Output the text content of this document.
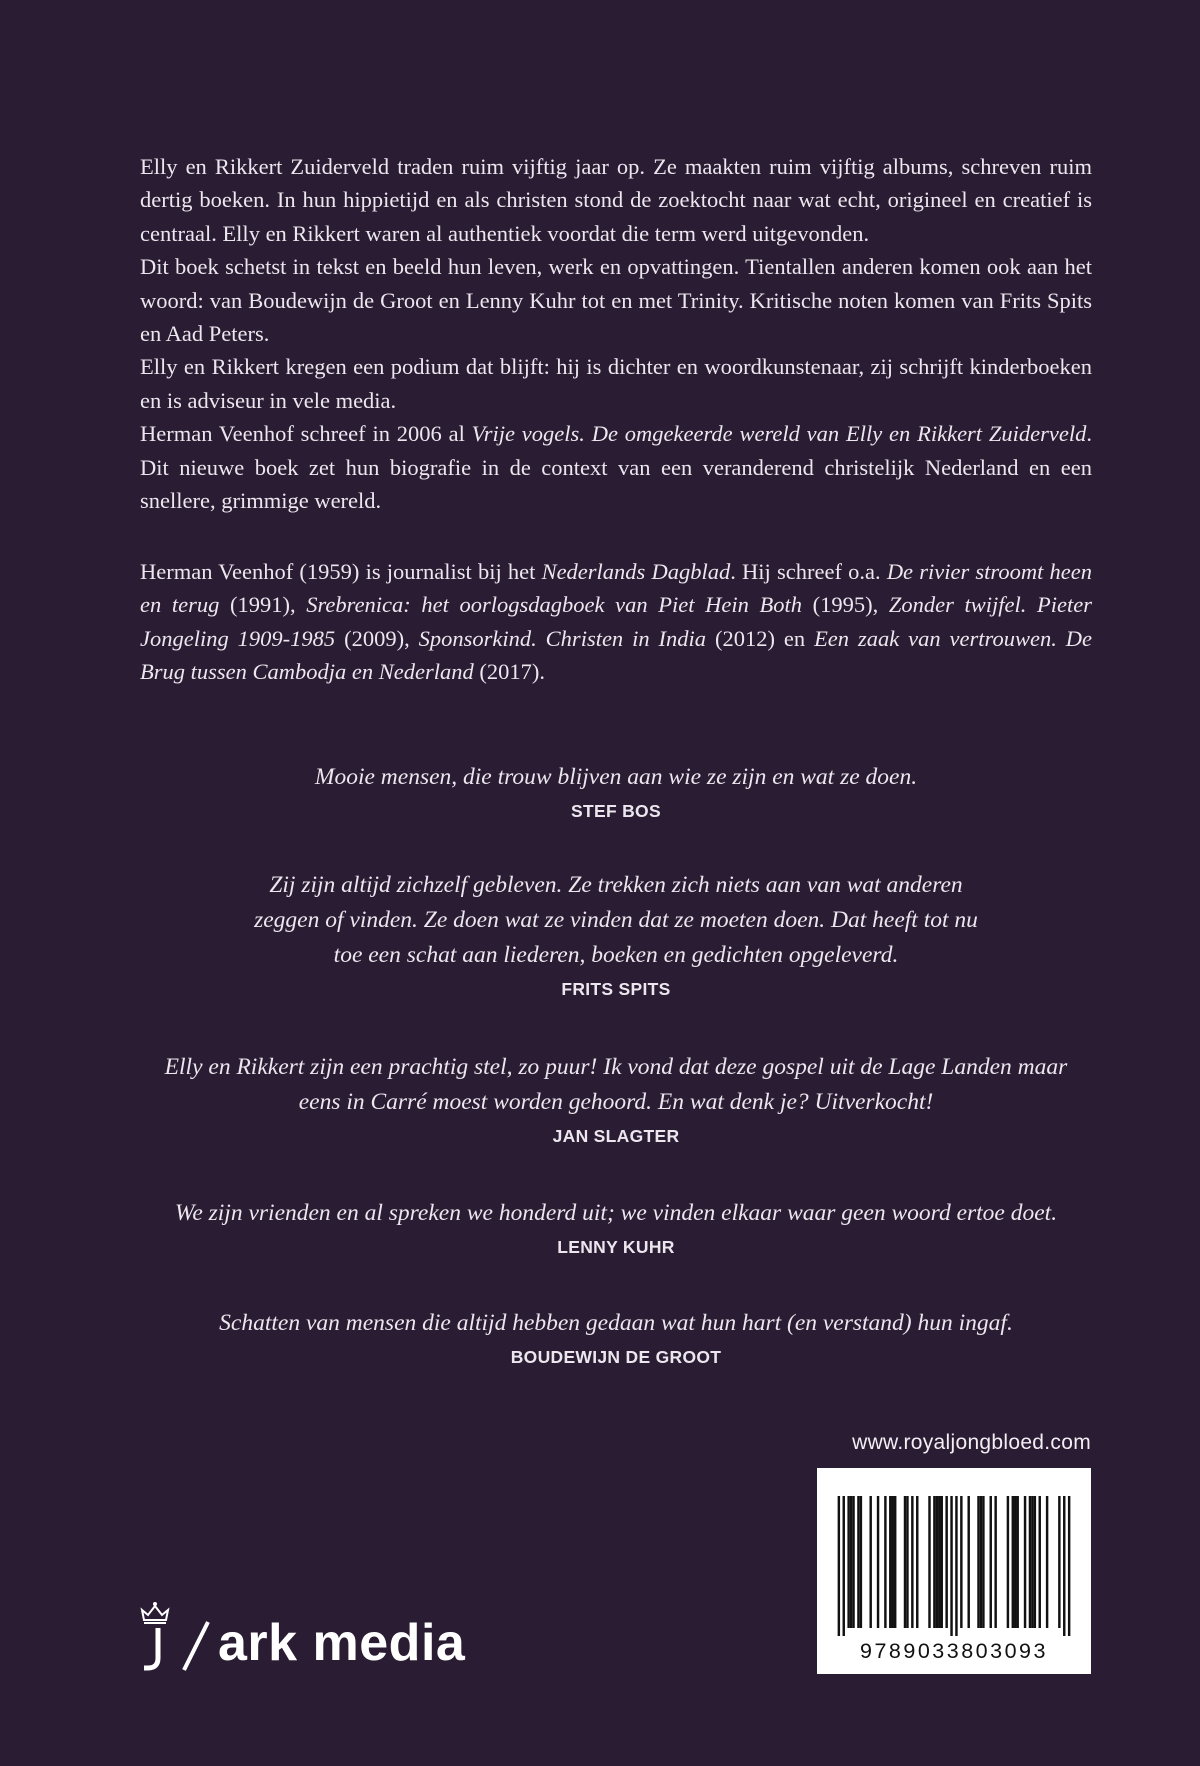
Elly en Rikkert Zuiderveld traden ruim vijftig jaar op. Ze maakten ruim vijftig albums, schreven ruim dertig boeken. In hun hippietijd en als christen stond de zoektocht naar wat echt, origineel en creatief is centraal. Elly en Rikkert waren al authentiek voordat die term werd uitgevonden.

Dit boek schetst in tekst en beeld hun leven, werk en opvattingen. Tientallen anderen komen ook aan het woord: van Boudewijn de Groot en Lenny Kuhr tot en met Trinity. Kritische noten komen van Frits Spits en Aad Peters.

Elly en Rikkert kregen een podium dat blijft: hij is dichter en woordkunstenaar, zij schrijft kinderboeken en is adviseur in vele media.

Herman Veenhof schreef in 2006 al Vrije vogels. De omgekeerde wereld van Elly en Rikkert Zuiderveld. Dit nieuwe boek zet hun biografie in de context van een veranderend christelijk Nederland en een snellere, grimmige wereld.

Herman Veenhof (1959) is journalist bij het Nederlands Dagblad. Hij schreef o.a. De rivier stroomt heen en terug (1991), Srebrenica: het oorlogsdagboek van Piet Hein Both (1995), Zonder twijfel. Pieter Jongeling 1909-1985 (2009), Sponsorkind. Christen in India (2012) en Een zaak van vertrouwen. De Brug tussen Cambodja en Nederland (2017).

Mooie mensen, die trouw blijven aan wie ze zijn en wat ze doen.

STEF BOS

Zij zijn altijd zichzelf gebleven. Ze trekken zich niets aan van wat anderen zeggen of vinden. Ze doen wat ze vinden dat ze moeten doen. Dat heeft tot nu toe een schat aan liederen, boeken en gedichten opgeleverd.

FRITS SPITS

Elly en Rikkert zijn een prachtig stel, zo puur! Ik vond dat deze gospel uit de Lage Landen maar eens in Carré moest worden gehoord. En wat denk je? Uitverkocht!

JAN SLAGTER

We zijn vrienden en al spreken we honderd uit; we vinden elkaar waar geen woord ertoe doet.

LENNY KUHR

Schatten van mensen die altijd hebben gedaan wat hun hart (en verstand) hun ingaf.

BOUDEWIJN DE GROOT
www.royaljongbloed.com
9789033803093
ark media
